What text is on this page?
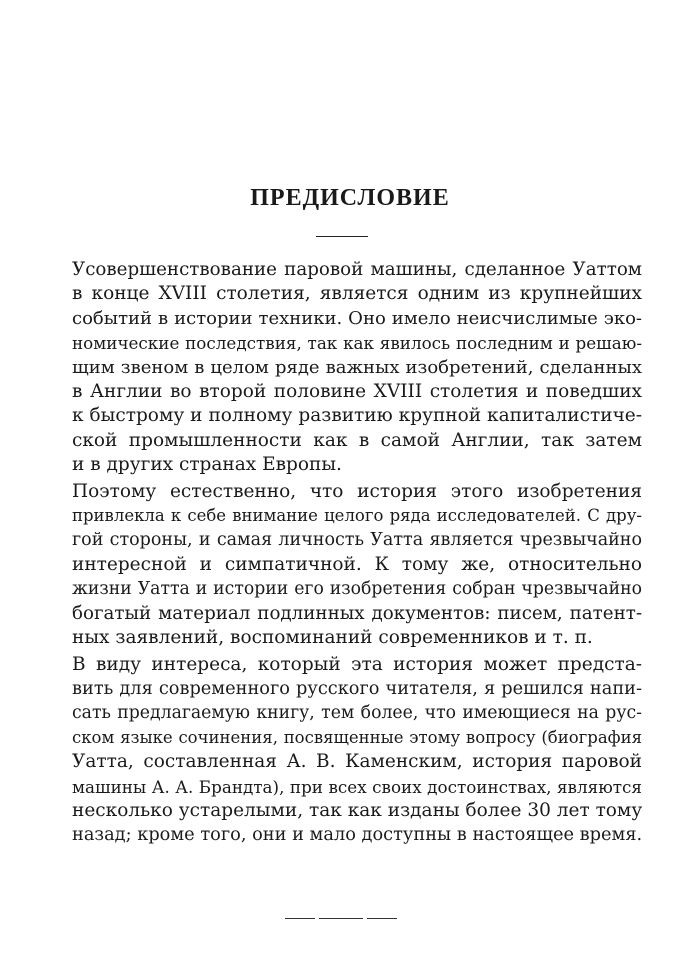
ПРЕДИСЛОВИЕ

Усовершенствование паровой машины, сделанное Уаттом
в конце XVIII столетия, является одним из крупнейших
событий в истории техники. Оно имело неисчислимые эко-
номические последствия, так как явилось последним и решаю-
щим звеном в целом ряде важных изобретений, сделанных
в Англии во второй половине XVIII столетия и поведших
к быстрому и полному развитию крупной капиталистиче-
ской промышленности как в самой Англии, так затем
и в других странах Европы.

Поэтому естественно, что история этого изобретения
привлекла к себе внимание целого ряда исследователей. С дру-
гой стороны, и самая личность Уатта является чрезвычайно
интересной и симпатичной. К тому же, относительно
жизни Уатта и истории его изобретения собран чрезвычайно
богатый материал подлинных документов: писем, патент-
ных заявлений, воспоминаний современников и т. п.

В виду интереса, который эта история может предста-
вить для современного русского читателя, я решился напи-
сать предлагаемую книгу, тем более, что имеющиеся на рус-
ском языке сочинения, посвященные этому вопросу (биография
Уатта, составленная А. В. Каменским, история паровой
машины А. А. Брандта), при всех своих достоинствах, являются
несколько устарелыми, так как изданы более 30 лет тому
назад; кроме того, они и мало доступны в настоящее время.
